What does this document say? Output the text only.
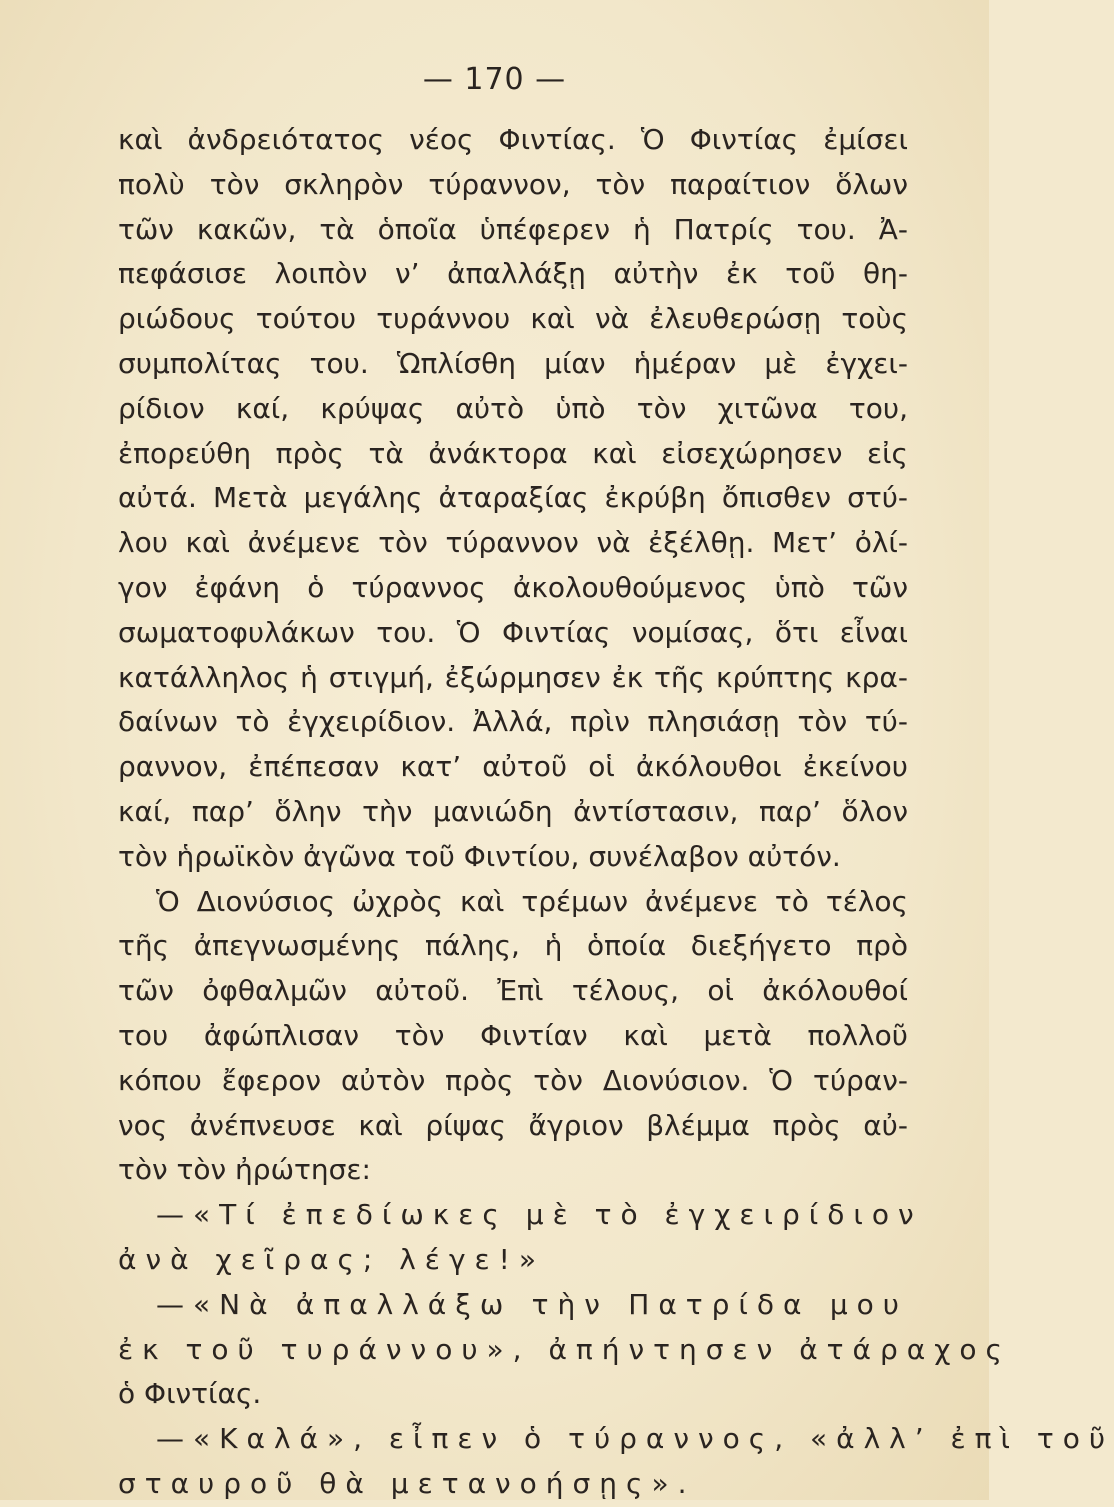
— 170 —
καὶ ἀνδρειότατος νέος Φιντίας. Ὁ Φιντίας ἐμίσει
πολὺ τὸν σκληρὸν τύραννον, τὸν παραίτιον ὅλων
τῶν κακῶν, τὰ ὁποῖα ὑπέφερεν ἡ Πατρίς του. Ἀ-
πεφάσισε λοιπὸν ν’ ἀπαλλάξῃ αὐτὴν ἐκ τοῦ θη-
ριώδους τούτου τυράννου καὶ νὰ ἐλευθερώσῃ τοὺς
συμπολίτας του. Ὡπλίσθη μίαν ἡμέραν μὲ ἐγχει-
ρίδιον καί, κρύψας αὐτὸ ὑπὸ τὸν χιτῶνα του,
ἐπορεύθη πρὸς τὰ ἀνάκτορα καὶ εἰσεχώρησεν εἰς
αὐτά. Μετὰ μεγάλης ἀταραξίας ἐκρύβη ὄπισθεν στύ-
λου καὶ ἀνέμενε τὸν τύραννον νὰ ἐξέλθῃ. Μετ’ ὀλί-
γον ἐφάνη ὁ τύραννος ἀκολουθούμενος ὑπὸ τῶν
σωματοφυλάκων του. Ὁ Φιντίας νομίσας, ὅτι εἶναι
κατάλληλος ἡ στιγμή, ἐξώρμησεν ἐκ τῆς κρύπτης κρα-
δαίνων τὸ ἐγχειρίδιον. Ἀλλά, πρὶν πλησιάσῃ τὸν τύ-
ραννον, ἐπέπεσαν κατ’ αὐτοῦ οἱ ἀκόλουθοι ἐκείνου
καί, παρ’ ὅλην τὴν μανιώδη ἀντίστασιν, παρ’ ὅλον
τὸν ἡρωϊκὸν ἀγῶνα τοῦ Φιντίου, συνέλαβον αὐτόν.
Ὁ Διονύσιος ὠχρὸς καὶ τρέμων ἀνέμενε τὸ τέλος
τῆς ἀπεγνωσμένης πάλης, ἡ ὁποία διεξήγετο πρὸ
τῶν ὀφθαλμῶν αὐτοῦ. Ἐπὶ τέλους, οἱ ἀκόλουθοί
του ἀφώπλισαν τὸν Φιντίαν καὶ μετὰ πολλοῦ
κόπου ἔφερον αὐτὸν πρὸς τὸν Διονύσιον. Ὁ τύραν-
νος ἀνέπνευσε καὶ ρίψας ἄγριον βλέμμα πρὸς αὐ-
τὸν τὸν ἠρώτησε:
—«Τί ἐπεδίωκες μὲ τὸ ἐγχειρίδιον
ἀνὰ χεῖρας; λέγε!»
—«Νὰ ἀπαλλάξω τὴν Πατρίδα μου
ἐκ τοῦ τυράννου», ἀπήντησεν ἀτάραχος
ὁ Φιντίας.
—«Καλά», εἶπεν ὁ τύραννος, «ἀλλ’ ἐπὶ τοῦ
σταυροῦ θὰ μετανοήσῃς».
